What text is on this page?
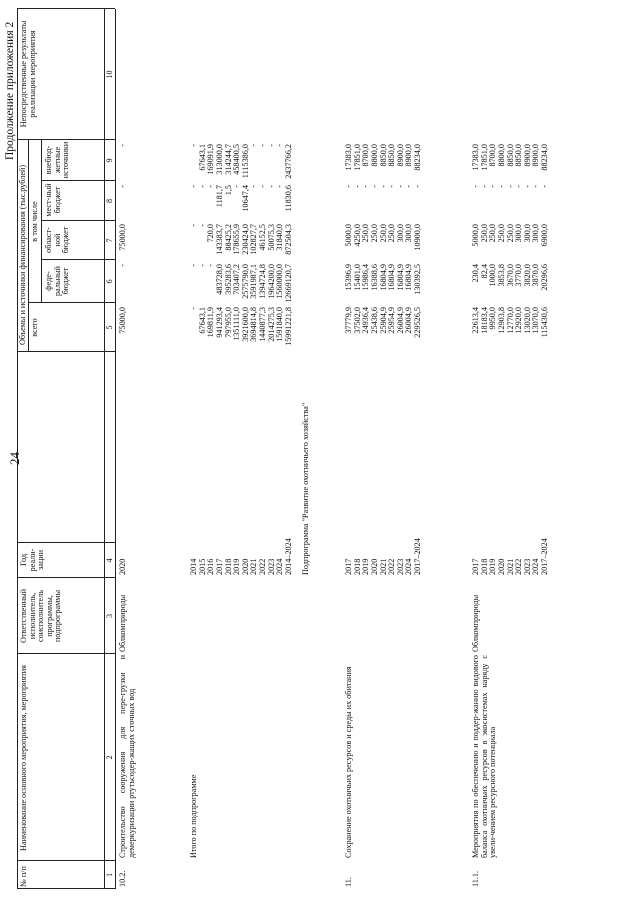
24
Продолжение приложения 2
№ п/п
Наименование основного мероприятия, мероприятия
Ответственный исполнитель, соисполнитель программы, подпрограммы
Год реали-зации
Объемы и источники финансирования (тыс.рублей) всего
в том числе
феде-ральный бюджет
област-ной бюджет
мест-ный бюджет
внебюд-жетные источники
Непосредственные результаты реализации мероприятия
1
2
3
4
5
6
7
8
9
10
10.2.
Строительство сооружения для пере-грузки и демеркуризации ртутьсодер-жащих сточных вод
Облкомприроды
2020
75000,0
-
75000,0
-
-
Итого по подпрограмме
2014 2015 2016 2017 2018 2019 2020 2021 2022 2023 2024 2014–2024
- 67643,1 169811,9 941293,4 797955,0 1351111,0 3921600,0 3694814,8 1440877,3 2014275,3 1591840,0 15991221,8
- - - 483728,0 395283,6 703407,2 2575790,0 3591987,1 1394724,8 1964200,0 1560000,0 12669120,7
- - 720,0 143383,7 88425,2 178655,9 230424,0 102827,7 46152,5 50075,3 31840,0 872504,3
- - - 1181,7 1,5 - 10647,4 - - - - 11830,6
- 67643,1 169091,9 313000,0 314244,7 458400,5 1115386,0 - - - - 2437766,2
Подпрограмма "Развитие охотничьего хозяйства"
11.
Сохранение охотничьих ресурсов и среды их обитания
2017 2018 2019 2020 2021 2022 2023 2024 2017–2024
37779,9 37502,0 24936,4 25438,6 25904,9 25954,9 26004,9 26004,9 229526,5
15396,9 15401,0 15986,4 16388,6 16804,9 16804,9 16804,9 16804,9 130392,5
5000,0 4250,0 250,0 250,0 250,0 250,0 300,0 300,0 10900,0
- - - - - - - - -
17383,0 17851,0 8700,0 8800,0 8850,0 8850,0 8900,0 8900,0 88234,0
11.1.
Мероприятия по обеспечению и поддер-жанию видового баланса охотничьих ресурсов в экосистемах наряду с увели-чением ресурсного потенциала
Облкомприроды
2017 2018 2019 2020 2021 2022 2023 2024 2017–2024
22613,4 18183,4 9950,0 12903,8 12770,0 12920,0 13020,0 13070,0 115430,6
230,4 82,4 1000,0 3853,8 3670,0 3770,0 3820,0 3870,0 20296,6
5000,0 250,0 250,0 250,0 250,0 300,0 300,0 300,0 6900,0
- - - - - - - - -
17383,0 17851,0 8700,0 8800,0 8850,0 8850,0 8900,0 8900,0 88234,0
